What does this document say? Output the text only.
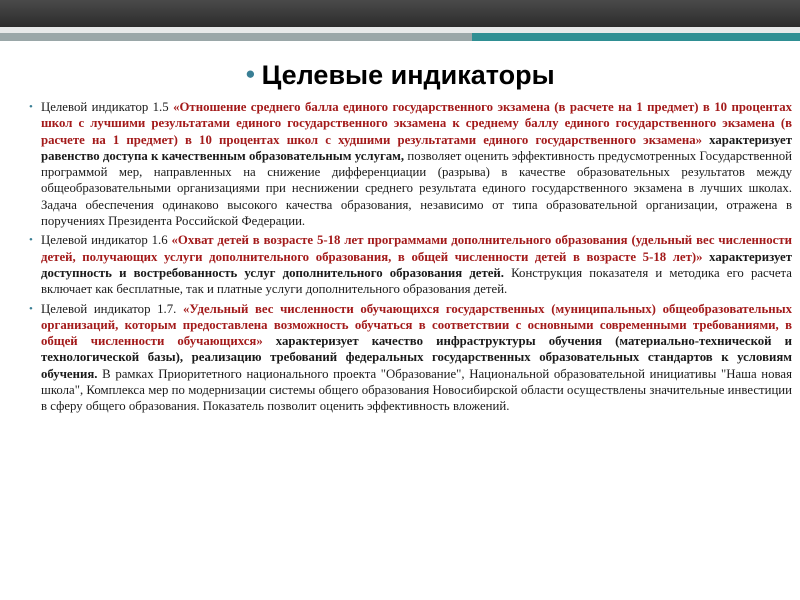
● Целевые индикаторы

• Целевой индикатор 1.5 «Отношение среднего балла единого государственного экзамена (в расчете на 1 предмет) в 10 процентах школ с лучшими результатами единого государственного экзамена к среднему баллу единого государственного экзамена (в расчете на 1 предмет) в 10 процентах школ с худшими результатами единого государственного экзамена» характеризует равенство доступа к качественным образовательным услугам, позволяет оценить эффективность предусмотренных Государственной программой мер, направленных на снижение дифференциации (разрыва) в качестве образовательных результатов между общеобразовательными организациями при неснижении среднего результата единого государственного экзамена в лучших школах. Задача обеспечения одинаково высокого качества образования, независимо от типа образовательной организации, отражена в поручениях Президента Российской Федерации.

• Целевой индикатор 1.6 «Охват детей в возрасте 5-18 лет программами дополнительного образования (удельный вес численности детей, получающих услуги дополнительного образования, в общей численности детей в возрасте 5-18 лет)» характеризует доступность и востребованность услуг дополнительного образования детей. Конструкция показателя и методика его расчета включает как бесплатные, так и платные услуги дополнительного образования детей.

• Целевой индикатор 1.7. «Удельный вес численности обучающихся государственных (муниципальных) общеобразовательных организаций, которым предоставлена возможность обучаться в соответствии с основными современными требованиями, в общей численности обучающихся» характеризует качество инфраструктуры обучения (материально-технической и технологической базы), реализацию требований федеральных государственных образовательных стандартов к условиям обучения. В рамках Приоритетного национального проекта "Образование", Национальной образовательной инициативы "Наша новая школа", Комплекса мер по модернизации системы общего образования Новосибирской области осуществлены значительные инвестиции в сферу общего образования. Показатель позволит оценить эффективность вложений.
